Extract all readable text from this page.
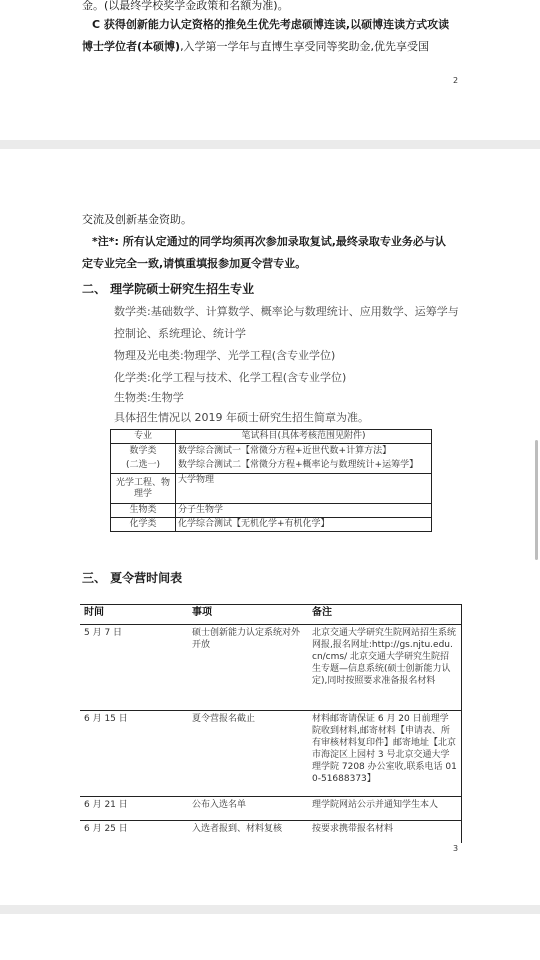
金。(以最终学校奖学金政策和名额为准)。
C 获得创新能力认定资格的推免生优先考虑硕博连读,以硕博连读方式攻读
博士学位者(本硕博),入学第一学年与直博生享受同等奖助金,优先享受国
2
交流及创新基金资助。
*注*: 所有认定通过的同学均须再次参加录取复试,最终录取专业务必与认
定专业完全一致,请慎重填报参加夏令营专业。
二、 理学院硕士研究生招生专业
数学类:基础数学、计算数学、概率论与数理统计、应用数学、运筹学与
控制论、系统理论、统计学
物理及光电类:物理学、光学工程(含专业学位)
化学类:化学工程与技术、化学工程(含专业学位)
生物类:生物学
具体招生情况以 2019 年硕士研究生招生简章为准。
专业	笔试科目(具体考核范围见附件)
数学类	数学综合测试一【常微分方程+近世代数+计算方法】
(二选一)	数学综合测试二【常微分方程+概率论与数理统计+运筹学】
光学工程、物理学	大学物理
生物类	分子生物学
化学类	化学综合测试【无机化学+有机化学】
三、 夏令营时间表
时间	事项	备注
5 月 7 日	硕士创新能力认定系统对外开放	北京交通大学研究生院网站招生系统网报,报名网址:http://gs.njtu.edu.cn/cms/ 北京交通大学研究生院招生专题—信息系统(硕士创新能力认定),同时按照要求准备报名材料
6 月 15 日	夏令营报名截止	材料邮寄请保证 6 月 20 日前理学院收到材料,邮寄材料【申请表、所有审核材料复印件】邮寄地址【北京市海淀区上园村 3 号北京交通大学理学院 7208 办公室收,联系电话 010-51688373】
6 月 21 日	公布入选名单	理学院网站公示并通知学生本人
6 月 25 日	入选者报到、材料复核	按要求携带报名材料
3
